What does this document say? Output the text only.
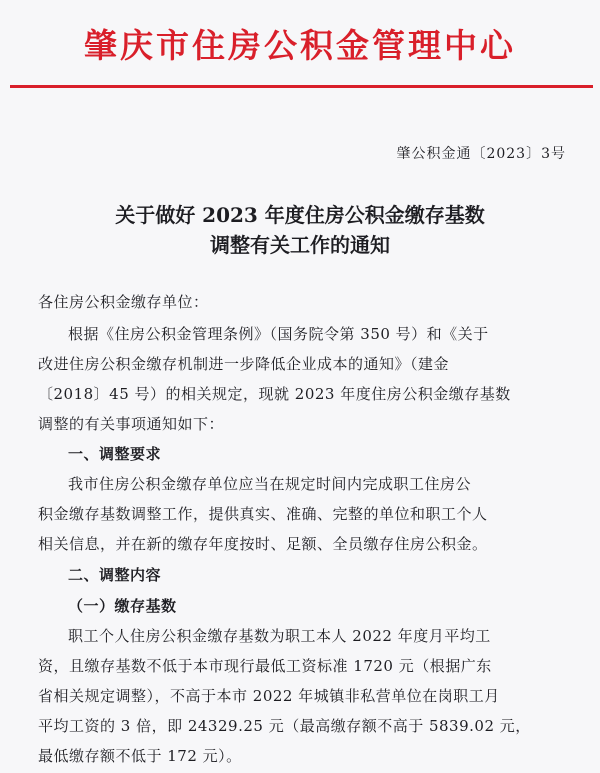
肇庆市住房公积金管理中心
肇公积金通〔2023〕3号
关于做好 2023 年度住房公积金缴存基数
调整有关工作的通知
各住房公积金缴存单位：
根据《住房公积金管理条例》（国务院令第 350 号）和《关于
改进住房公积金缴存机制进一步降低企业成本的通知》（建金
〔2018〕45 号）的相关规定，现就 2023 年度住房公积金缴存基数
调整的有关事项通知如下：
一、调整要求
我市住房公积金缴存单位应当在规定时间内完成职工住房公
积金缴存基数调整工作，提供真实、准确、完整的单位和职工个人
相关信息，并在新的缴存年度按时、足额、全员缴存住房公积金。
二、调整内容
（一）缴存基数
职工个人住房公积金缴存基数为职工本人 2022 年度月平均工
资，且缴存基数不低于本市现行最低工资标准 1720 元（根据广东
省相关规定调整），不高于本市 2022 年城镇非私营单位在岗职工月
平均工资的 3 倍，即 24329.25 元（最高缴存额不高于 5839.02 元，
最低缴存额不低于 172 元）。
